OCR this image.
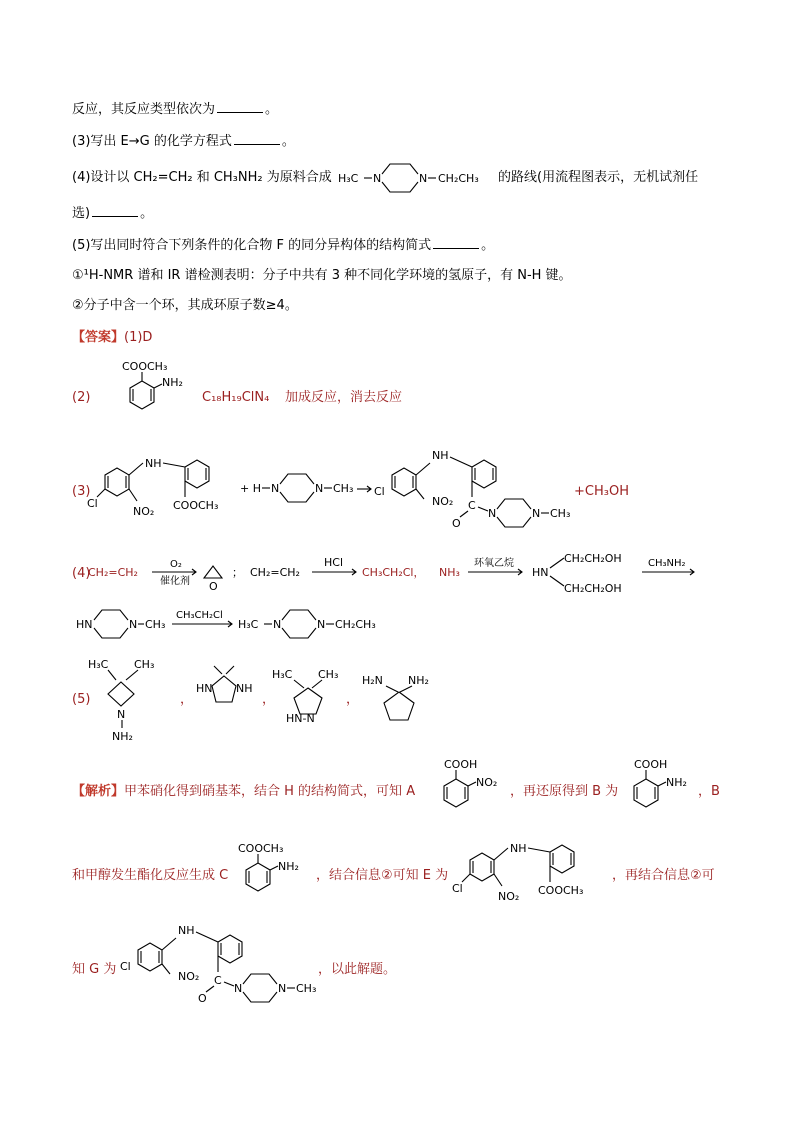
反应，其反应类型依次为	。
(3)写出 E→G 的化学方程式	。
(4)设计以 CH₂=CH₂ 和 CH₃NH₂ 为原料合成 H₃C N	N CH₂CH₃ 的路线(用流程图表示，无机试剂任
选)	。
(5)写出同时符合下列条件的化合物 F 的同分异构体的结构简式	。
①¹H-NMR 谱和 IR 谱检测表明：分子中共有 3 种不同化学环境的氢原子，有 N-H 键。
②分子中含一个环，其成环原子数≥4。
【答案】(1)D
(2)
COOCH₃
NH₂
C₁₈H₁₉ClN₄ 加成反应，消去反应
(3)
Cl
NH
NO₂ COOCH₃
+ H N	N CH₃ → Cl
NH
NO₂ C
O
N	N CH₃
+CH₃OH
(4)
CH₂=CH₂
O₂
催化剂 O
； CH₂=CH₂
HCl
CH₃CH₂Cl， NH₃
环氧乙烷
HN
CH₂CH₂OH
CH₂CH₂OH
CH₃NH₂
HN	N CH₃
CH₃CH₂Cl
H₃C N	N CH₂CH₃
(5)
H₃C CH₃
N
NH₂
，
HN NH
，
H₃C CH₃
HN-N
，
H₂N NH₂
【解析】甲苯硝化得到硝基苯，结合 H 的结构简式，可知 A
COOH
NO₂
，再还原得到 B 为
COOH
NH₂
，B
和甲醇发生酯化反应生成 C
COOCH₃
NH₂
，结合信息②可知 E 为
Cl
NH
NO₂ COOCH₃
，再结合信息②可
知 G 为 Cl
NH
NO₂ C
O
N	N CH₃
，以此解题。
